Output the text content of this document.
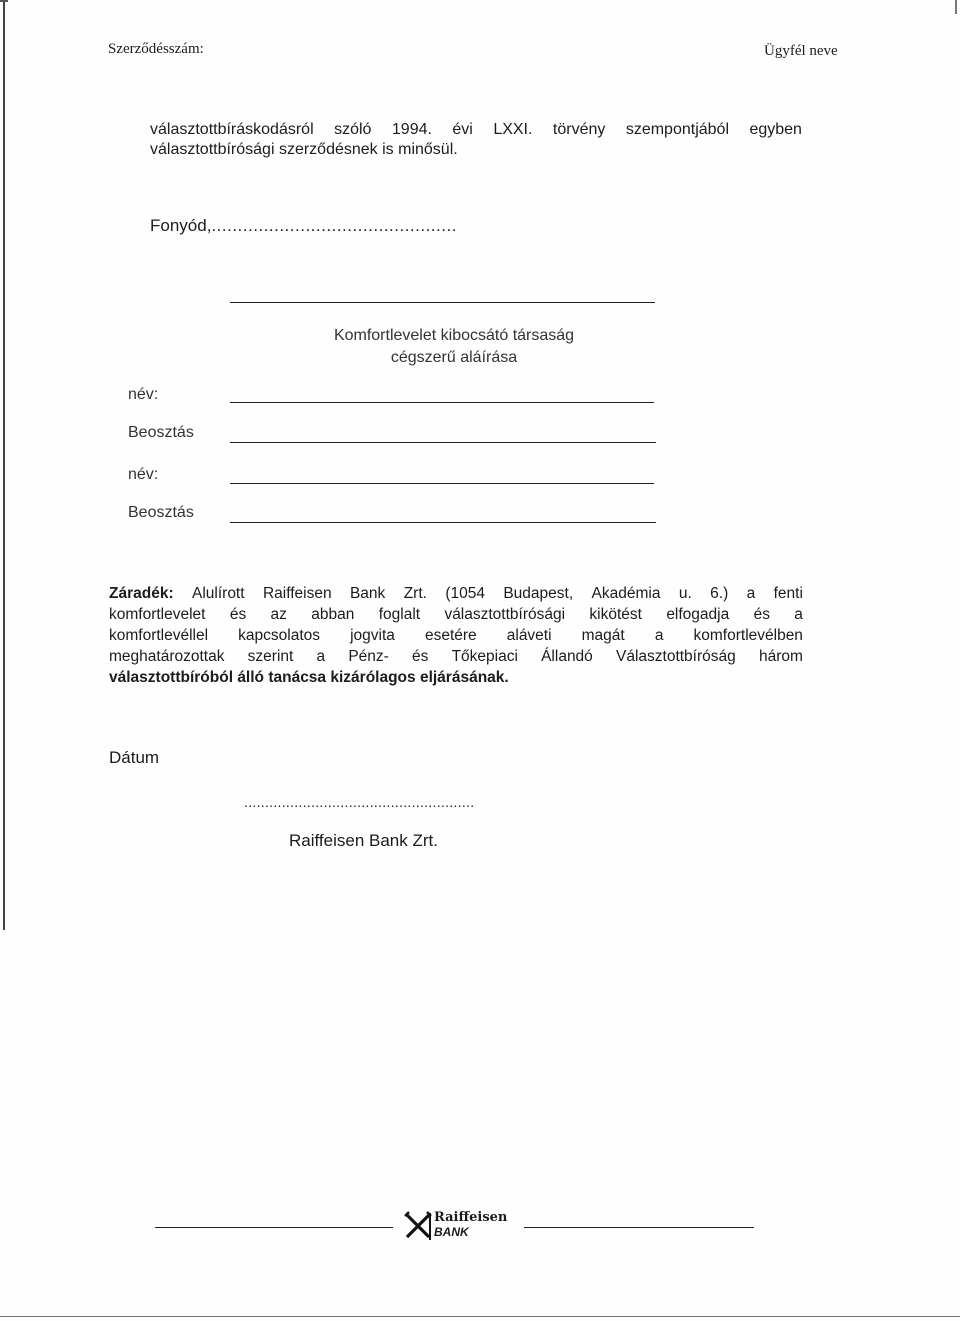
Szerződésszám:	Ügyfél neve
választottbíráskodásról szóló 1994. évi LXXI. törvény szempontjából egyben
választottbírósági szerződésnek is minősül.
Fonyód,...............................................
Komfortlevelet kibocsátó társaság
cégszerű aláírása
név:
Beosztás
név:
Beosztás
Záradék: Alulírott Raiffeisen Bank Zrt. (1054 Budapest, Akadémia u. 6.) a fenti
komfortlevelet és az abban foglalt választottbírósági kikötést elfogadja és a
komfortlevéllel kapcsolatos jogvita esetére aláveti magát a komfortlevélben
meghatározottak szerint a Pénz- és Tőkepiaci Állandó Választottbíróság három
választottbíróból álló tanácsa kizárólagos eljárásának.
Dátum
.......................................................
Raiffeisen Bank Zrt.
Raiffeisen
BANK
